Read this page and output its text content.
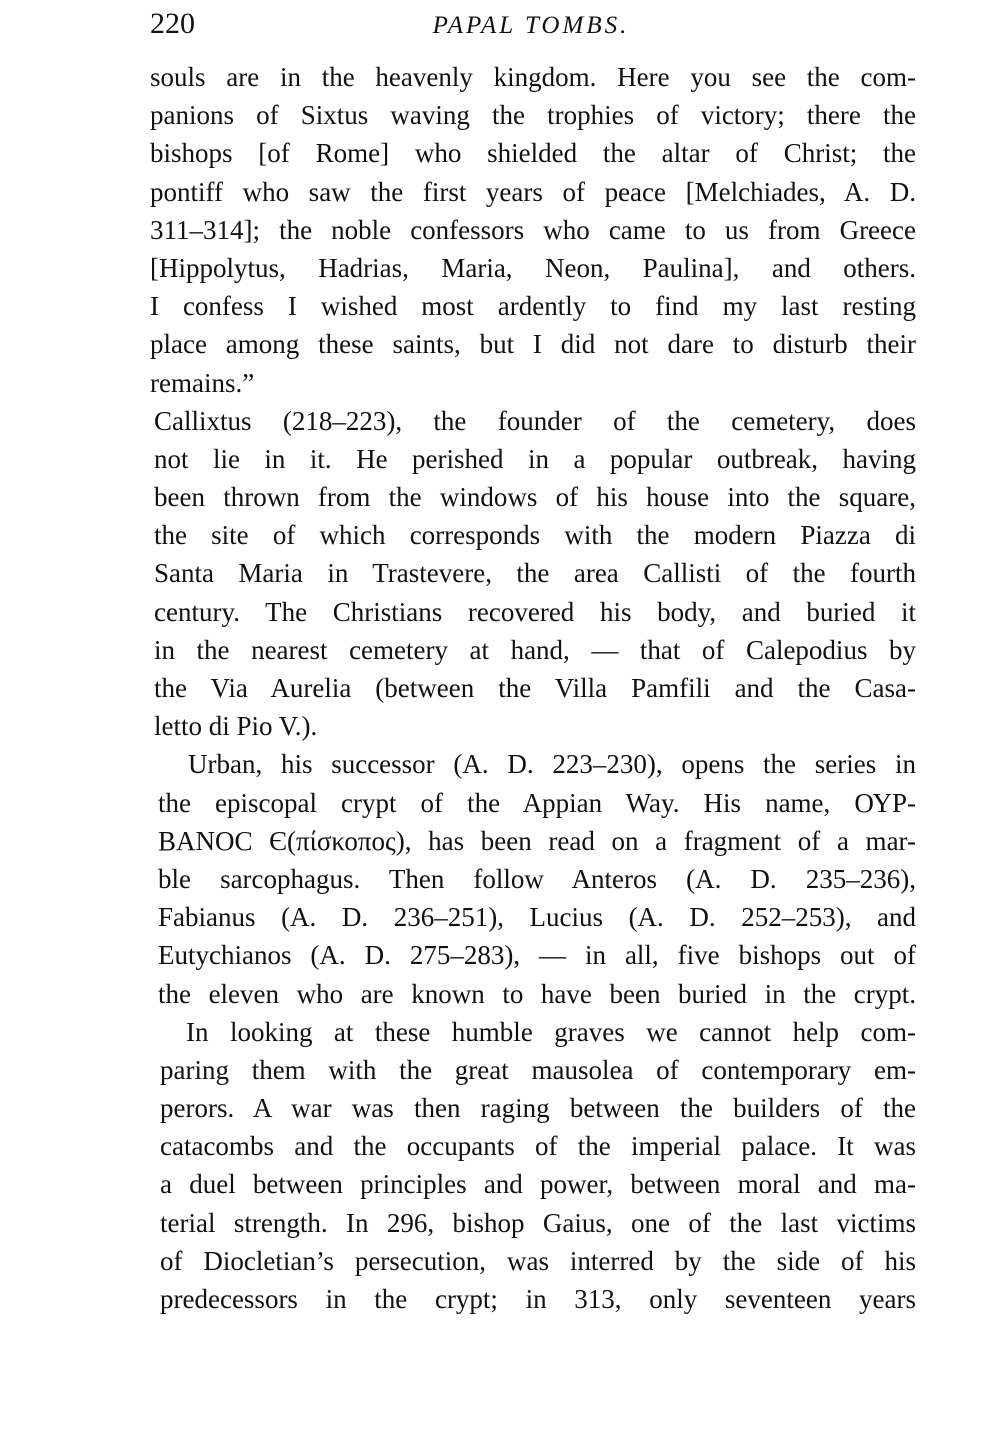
220	PAPAL TOMBS.

souls are in the heavenly kingdom. Here you see the com-
panions of Sixtus waving the trophies of victory; there the
bishops [of Rome] who shielded the altar of Christ; the
pontiff who saw the first years of peace [Melchiades, A. D.
311–314]; the noble confessors who came to us from Greece
[Hippolytus, Hadrias, Maria, Neon, Paulina], and others.
I confess I wished most ardently to find my last resting
place among these saints, but I did not dare to disturb their
remains.”

Callixtus (218–223), the founder of the cemetery, does
not lie in it. He perished in a popular outbreak, having
been thrown from the windows of his house into the square,
the site of which corresponds with the modern Piazza di
Santa Maria in Trastevere, the area Callisti of the fourth
century. The Christians recovered his body, and buried it
in the nearest cemetery at hand, — that of Calepodius by
the Via Aurelia (between the Villa Pamfili and the Casa-
letto di Pio V.).

Urban, his successor (A. D. 223–230), opens the series in
the episcopal crypt of the Appian Way. His name, ΟΥΡ-
ΒΑΝΟϹ Є(πίσκοπος), has been read on a fragment of a mar-
ble sarcophagus. Then follow Anteros (A. D. 235–236),
Fabianus (A. D. 236–251), Lucius (A. D. 252–253), and
Eutychianos (A. D. 275–283), — in all, five bishops out of
the eleven who are known to have been buried in the crypt.

In looking at these humble graves we cannot help com-
paring them with the great mausolea of contemporary em-
perors. A war was then raging between the builders of the
catacombs and the occupants of the imperial palace. It was
a duel between principles and power, between moral and ma-
terial strength. In 296, bishop Gaius, one of the last victims
of Diocletian’s persecution, was interred by the side of his
predecessors in the crypt; in 313, only seventeen years
